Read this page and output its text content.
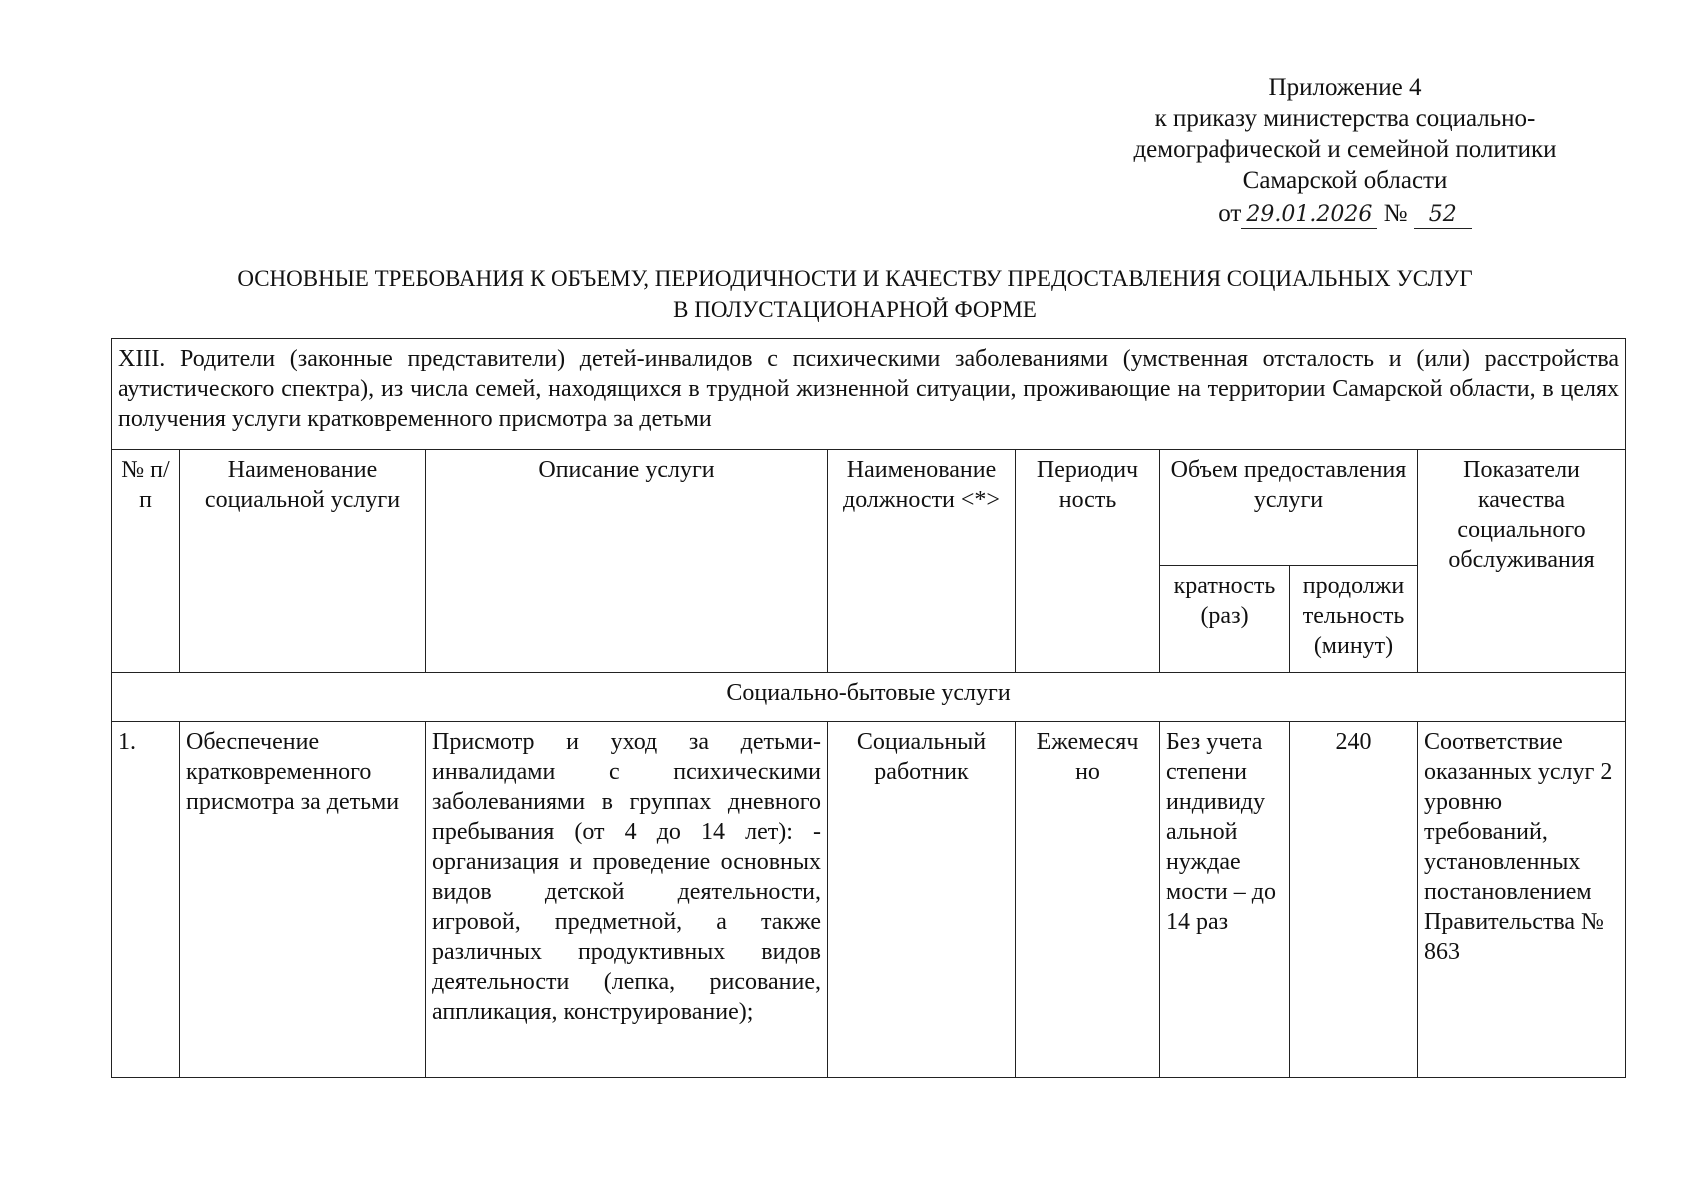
Приложение 4
к приказу министерства социально-
демографической и семейной политики
Самарской области
от 29.01.2026 № 52
ОСНОВНЫЕ ТРЕБОВАНИЯ К ОБЪЕМУ, ПЕРИОДИЧНОСТИ И КАЧЕСТВУ ПРЕДОСТАВЛЕНИЯ СОЦИАЛЬНЫХ УСЛУГ
В ПОЛУСТАЦИОНАРНОЙ ФОРМЕ
XIII. Родители (законные представители) детей-инвалидов с психическими заболеваниями (умственная отсталость и (или) расстройства аутистического спектра), из числа семей, находящихся в трудной жизненной ситуации, проживающие на территории Самарской области, в целях получения услуги кратковременного присмотра за детьми							
№ п/п	Наименование социальной услуги	Описание услуги	Наименование должности <*>	Периодич ность	Объем предоставления услуги		Показатели качества социального обслуживания
					кратность (раз)	продолжи тельность (минут)	
Социально-бытовые услуги							
1.	Обеспечение кратковременного присмотра за детьми	Присмотр и уход за детьми-инвалидами с психическими заболеваниями в группах дневного пребывания (от 4 до 14 лет): - организация и проведение основных видов детской деятельности, игровой, предметной, а также различных продуктивных видов деятельности (лепка, рисование, аппликация, конструирование);	Социальный работник	Ежемесяч но	Без учета степени индивиду альной нуждае мости – до 14 раз	240	Соответствие оказанных услуг 2 уровню требований, установленных постановлением Правительства № 863
